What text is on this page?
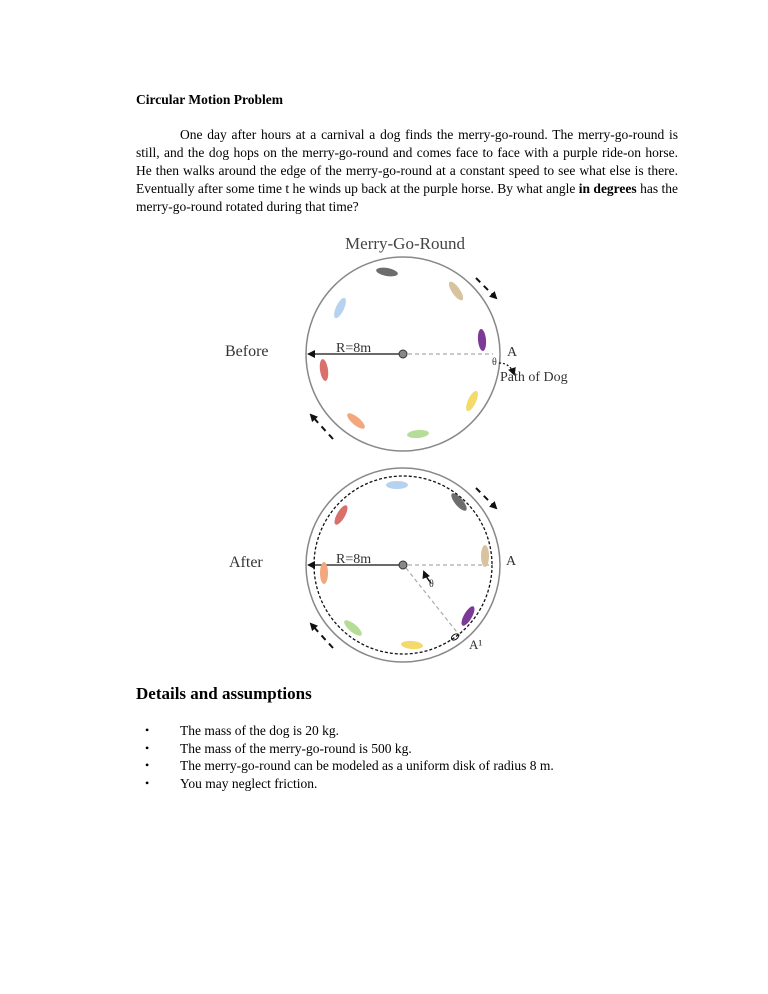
Circular Motion Problem

One day after hours at a carnival a dog finds the merry-go-round. The merry-go-round is still, and the dog hops on the merry-go-round and comes face to face with a purple ride-on horse. He then walks around the edge of the merry-go-round at a constant speed to see what else is there. Eventually after some time t he winds up back at the purple horse. By what angle in degrees has the merry-go-round rotated during that time?

Merry-Go-Round
Before	R=8m	A
θ
Path of Dog
After	R=8m	A
A¹
θ
Details and assumptions
• The mass of the dog is 20 kg.
• The mass of the merry-go-round is 500 kg.
• The merry-go-round can be modeled as a uniform disk of radius 8 m.
• You may neglect friction.
